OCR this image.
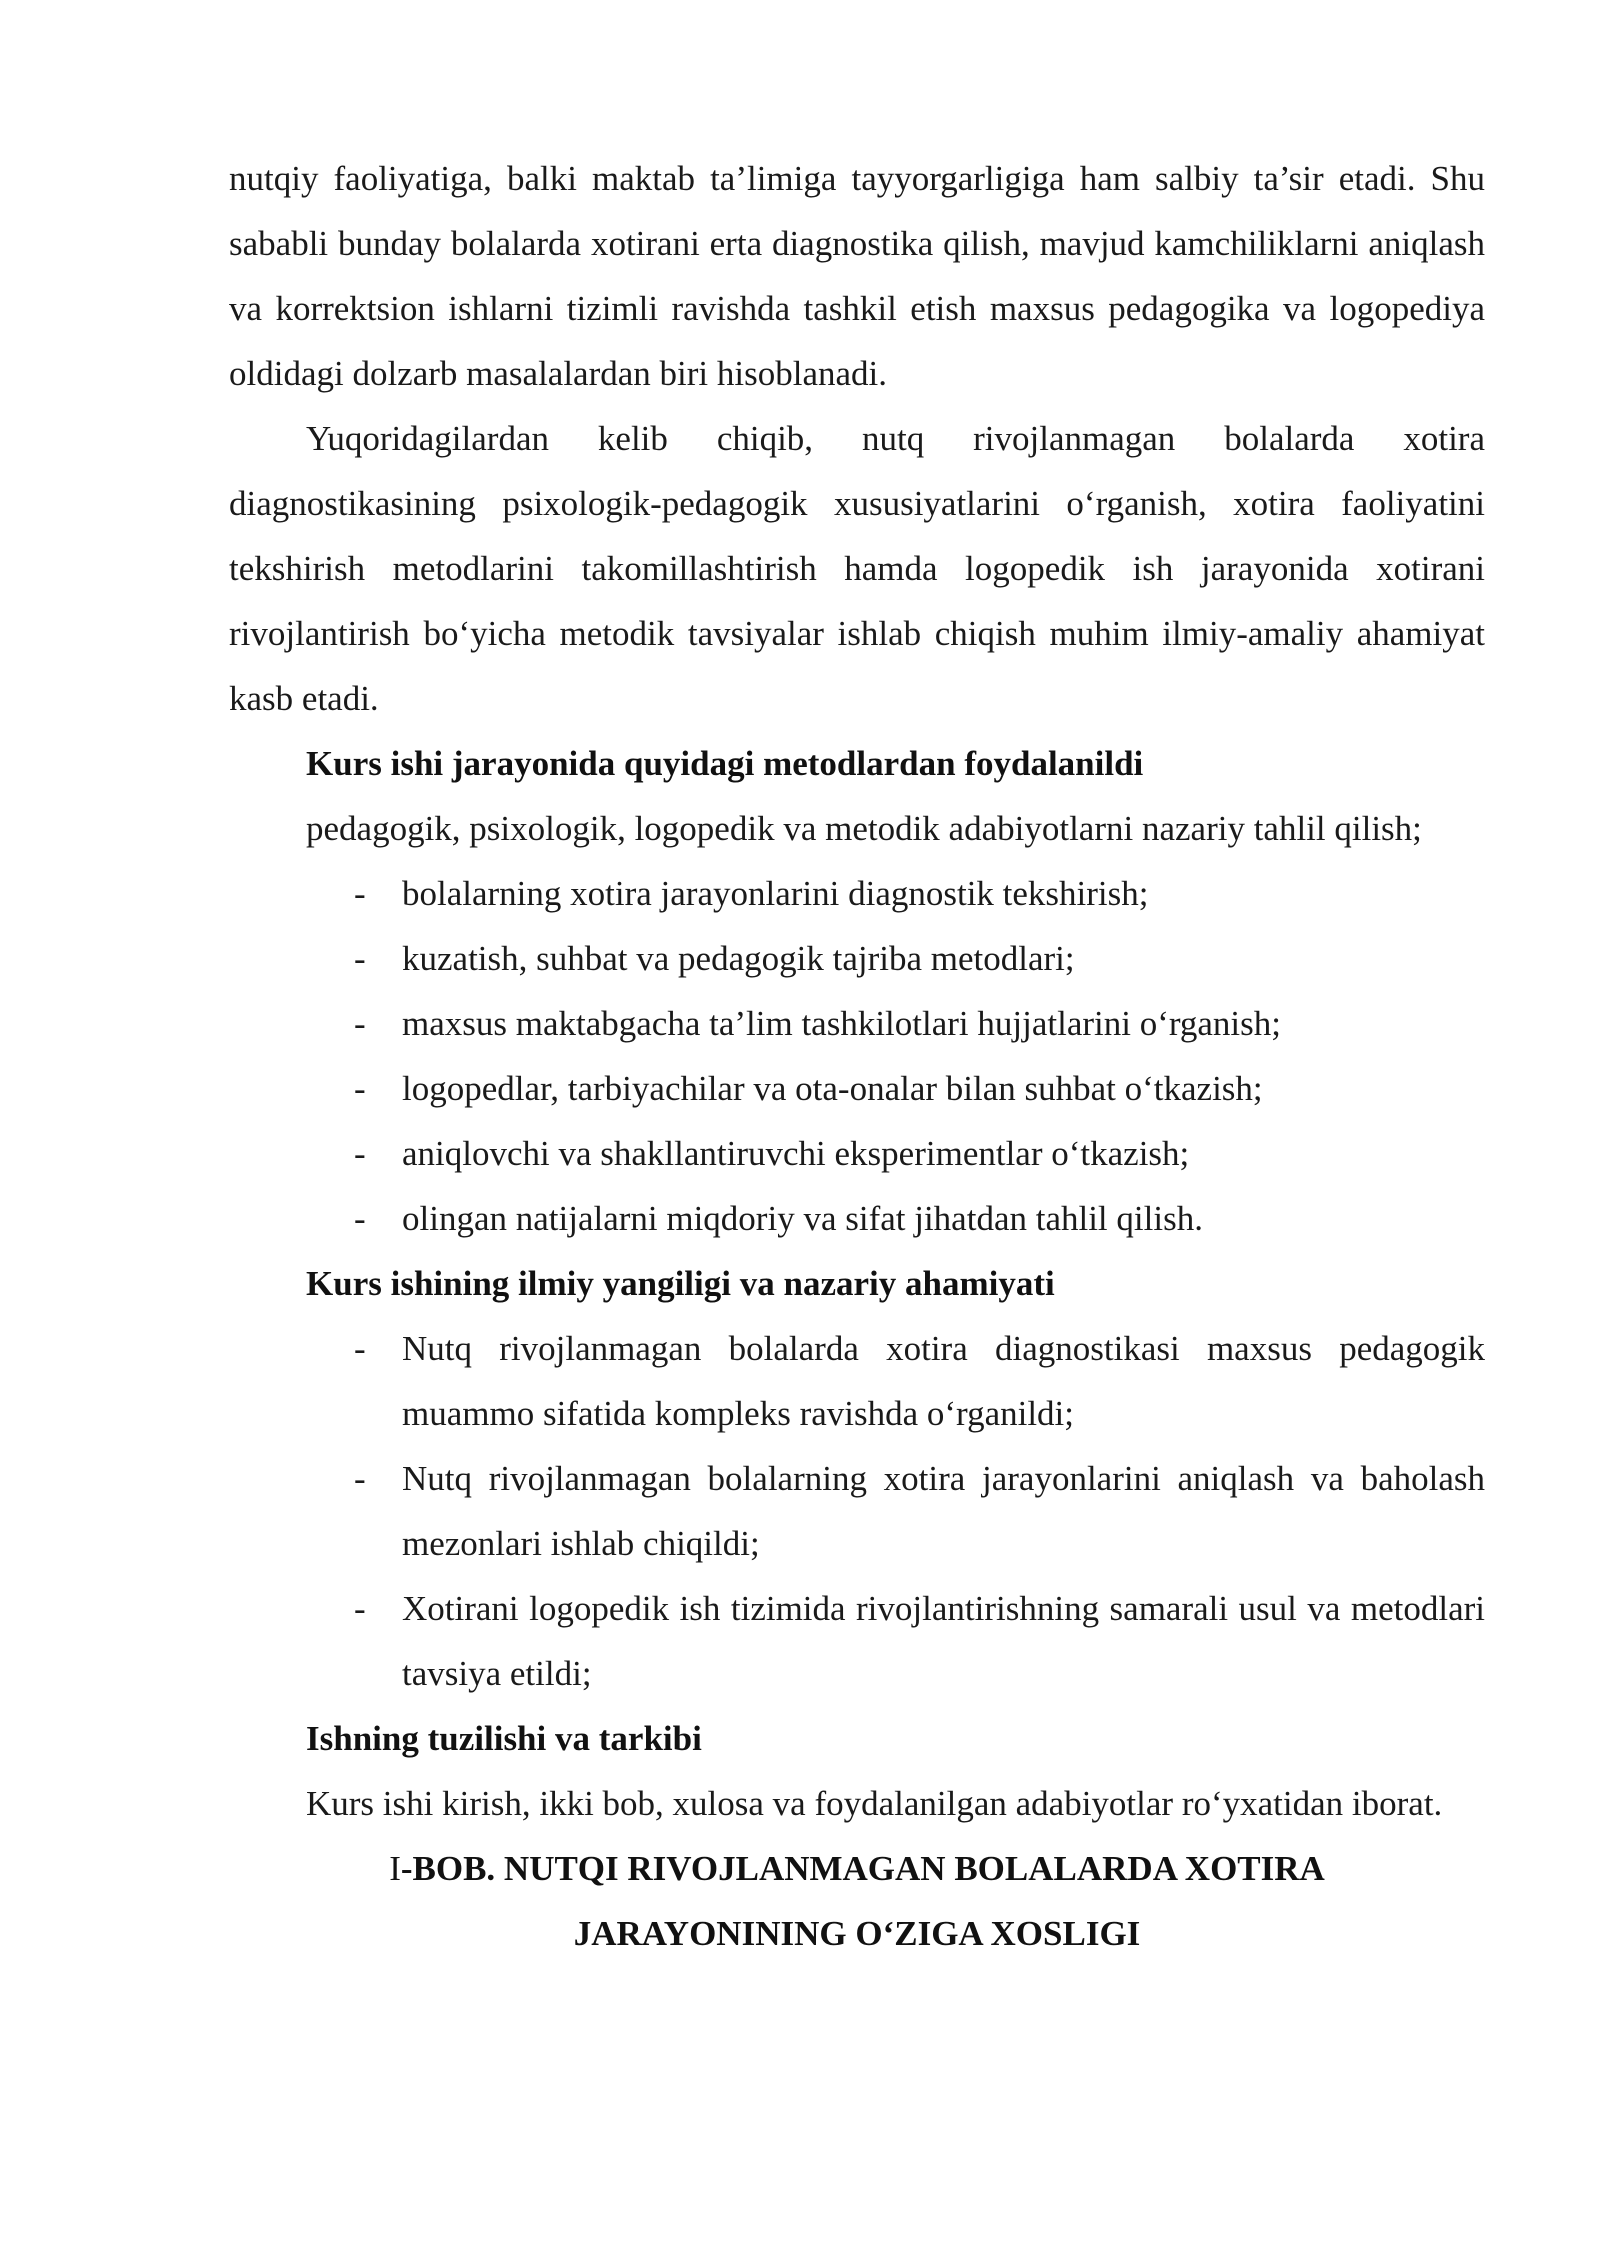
nutqiy faoliyatiga, balki maktab ta’limiga tayyorgarligiga ham salbiy ta’sir etadi. Shu sababli bunday bolalarda xotirani erta diagnostika qilish, mavjud kamchiliklarni aniqlash va korrektsion ishlarni tizimli ravishda tashkil etish maxsus pedagogika va logopediya oldidagi dolzarb masalalardan biri hisoblanadi.

Yuqoridagilardan kelib chiqib, nutq rivojlanmagan bolalarda xotira diagnostikasining psixologik-pedagogik xususiyatlarini o‘rganish, xotira faoliyatini tekshirish metodlarini takomillashtirish hamda logopedik ish jarayonida xotirani rivojlantirish bo‘yicha metodik tavsiyalar ishlab chiqish muhim ilmiy-amaliy ahamiyat kasb etadi.

Kurs ishi jarayonida quyidagi metodlardan foydalanildi

pedagogik, psixologik, logopedik va metodik adabiyotlarni nazariy tahlil qilish;

- bolalarning xotira jarayonlarini diagnostik tekshirish;
- kuzatish, suhbat va pedagogik tajriba metodlari;
- maxsus maktabgacha ta’lim tashkilotlari hujjatlarini o‘rganish;
- logopedlar, tarbiyachilar va ota-onalar bilan suhbat o‘tkazish;
- aniqlovchi va shakllantiruvchi eksperimentlar o‘tkazish;
- olingan natijalarni miqdoriy va sifat jihatdan tahlil qilish.

Kurs ishining ilmiy yangiligi va nazariy ahamiyati

- Nutq rivojlanmagan bolalarda xotira diagnostikasi maxsus pedagogik muammo sifatida kompleks ravishda o‘rganildi;
- Nutq rivojlanmagan bolalarning xotira jarayonlarini aniqlash va baholash mezonlari ishlab chiqildi;
- Xotirani logopedik ish tizimida rivojlantirishning samarali usul va metodlari tavsiya etildi;

Ishning tuzilishi va tarkibi

Kurs ishi kirish, ikki bob, xulosa va foydalanilgan adabiyotlar ro‘yxatidan iborat.

I-BOB. NUTQI RIVOJLANMAGAN BOLALARDA XOTIRA

JARAYONINING O‘ZIGA XOSLIGI
